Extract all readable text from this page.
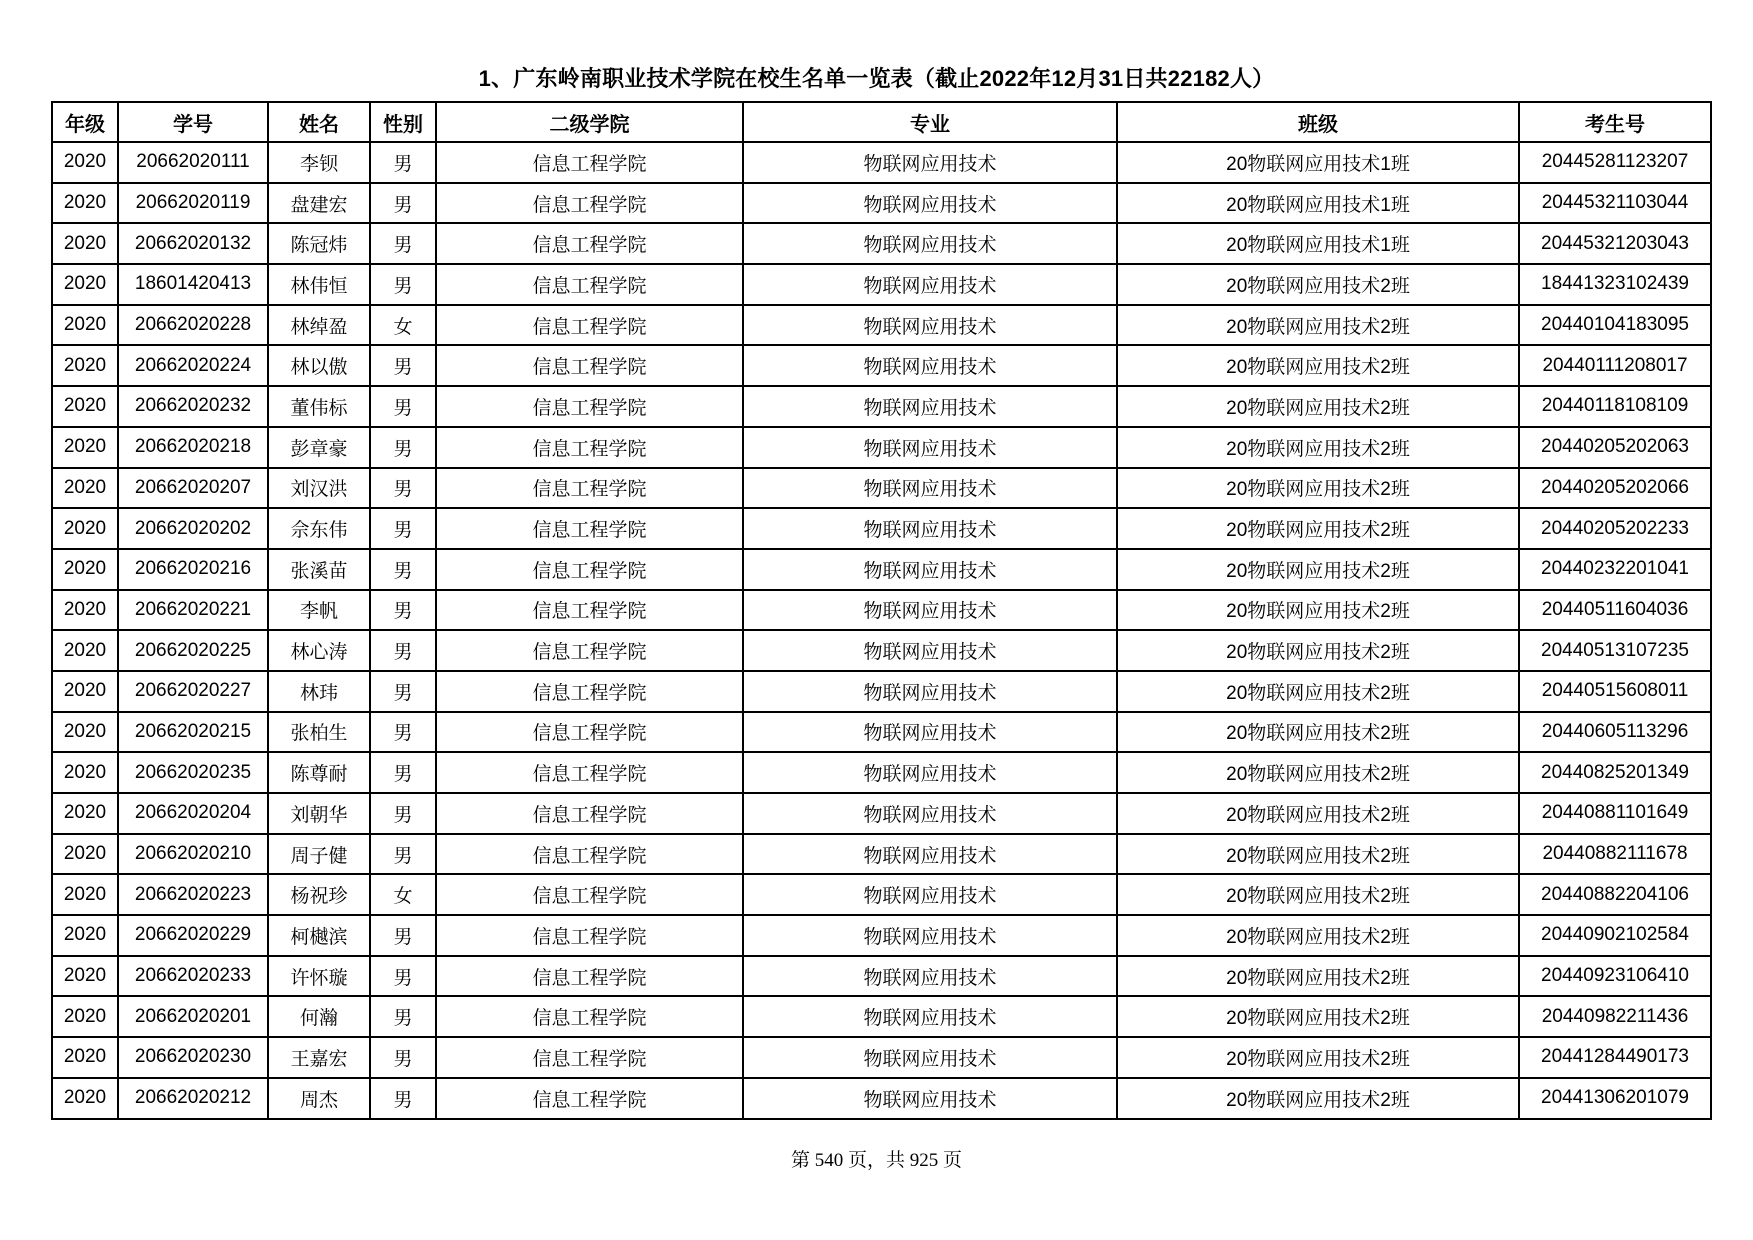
1、广东岭南职业技术学院在校生名单一览表（截止2022年12月31日共22182人）
年级	学号	姓名	性别	二级学院	专业	班级	考生号
2020	20662020111	李钡	男	信息工程学院	物联网应用技术	20物联网应用技术1班	20445281123207
2020	20662020119	盘建宏	男	信息工程学院	物联网应用技术	20物联网应用技术1班	20445321103044
2020	20662020132	陈冠炜	男	信息工程学院	物联网应用技术	20物联网应用技术1班	20445321203043
2020	18601420413	林伟恒	男	信息工程学院	物联网应用技术	20物联网应用技术2班	18441323102439
2020	20662020228	林绰盈	女	信息工程学院	物联网应用技术	20物联网应用技术2班	20440104183095
2020	20662020224	林以傲	男	信息工程学院	物联网应用技术	20物联网应用技术2班	20440111208017
2020	20662020232	董伟标	男	信息工程学院	物联网应用技术	20物联网应用技术2班	20440118108109
2020	20662020218	彭章豪	男	信息工程学院	物联网应用技术	20物联网应用技术2班	20440205202063
2020	20662020207	刘汉洪	男	信息工程学院	物联网应用技术	20物联网应用技术2班	20440205202066
2020	20662020202	佘东伟	男	信息工程学院	物联网应用技术	20物联网应用技术2班	20440205202233
2020	20662020216	张溪苗	男	信息工程学院	物联网应用技术	20物联网应用技术2班	20440232201041
2020	20662020221	李帆	男	信息工程学院	物联网应用技术	20物联网应用技术2班	20440511604036
2020	20662020225	林心涛	男	信息工程学院	物联网应用技术	20物联网应用技术2班	20440513107235
2020	20662020227	林玮	男	信息工程学院	物联网应用技术	20物联网应用技术2班	20440515608011
2020	20662020215	张柏生	男	信息工程学院	物联网应用技术	20物联网应用技术2班	20440605113296
2020	20662020235	陈尊耐	男	信息工程学院	物联网应用技术	20物联网应用技术2班	20440825201349
2020	20662020204	刘朝华	男	信息工程学院	物联网应用技术	20物联网应用技术2班	20440881101649
2020	20662020210	周子健	男	信息工程学院	物联网应用技术	20物联网应用技术2班	20440882111678
2020	20662020223	杨祝珍	女	信息工程学院	物联网应用技术	20物联网应用技术2班	20440882204106
2020	20662020229	柯樾滨	男	信息工程学院	物联网应用技术	20物联网应用技术2班	20440902102584
2020	20662020233	许怀璇	男	信息工程学院	物联网应用技术	20物联网应用技术2班	20440923106410
2020	20662020201	何瀚	男	信息工程学院	物联网应用技术	20物联网应用技术2班	20440982211436
2020	20662020230	王嘉宏	男	信息工程学院	物联网应用技术	20物联网应用技术2班	20441284490173
2020	20662020212	周杰	男	信息工程学院	物联网应用技术	20物联网应用技术2班	20441306201079
第 540 页，共 925 页
